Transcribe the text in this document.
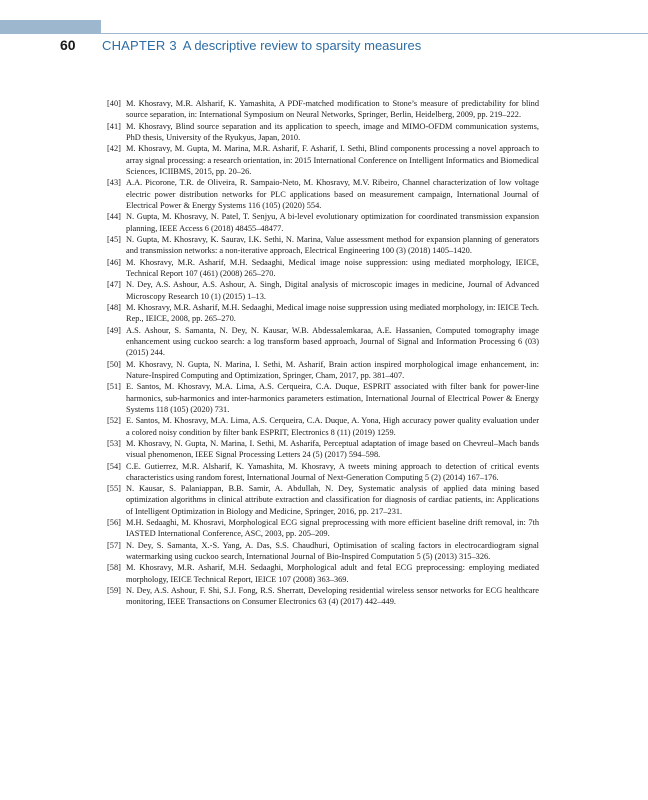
60	CHAPTER 3 A descriptive review to sparsity measures
[40] M. Khosravy, M.R. Alsharif, K. Yamashita, A PDF-matched modification to Stone’s measure of predictability for blind source separation, in: International Symposium on Neural Networks, Springer, Berlin, Heidelberg, 2009, pp. 219–222.
[41] M. Khosravy, Blind source separation and its application to speech, image and MIMO-OFDM communication systems, PhD thesis, University of the Ryukyus, Japan, 2010.
[42] M. Khosravy, M. Gupta, M. Marina, M.R. Asharif, F. Asharif, I. Sethi, Blind components processing a novel approach to array signal processing: a research orientation, in: 2015 International Conference on Intelligent Informatics and Biomedical Sciences, ICIIBMS, 2015, pp. 20–26.
[43] A.A. Picorone, T.R. de Oliveira, R. Sampaio-Neto, M. Khosravy, M.V. Ribeiro, Channel characterization of low voltage electric power distribution networks for PLC applications based on measurement campaign, International Journal of Electrical Power & Energy Systems 116 (105) (2020) 554.
[44] N. Gupta, M. Khosravy, N. Patel, T. Senjyu, A bi-level evolutionary optimization for coordinated transmission expansion planning, IEEE Access 6 (2018) 48455–48477.
[45] N. Gupta, M. Khosravy, K. Saurav, I.K. Sethi, N. Marina, Value assessment method for expansion planning of generators and transmission networks: a non-iterative approach, Electrical Engineering 100 (3) (2018) 1405–1420.
[46] M. Khosravy, M.R. Asharif, M.H. Sedaaghi, Medical image noise suppression: using mediated morphology, IEICE, Technical Report 107 (461) (2008) 265–270.
[47] N. Dey, A.S. Ashour, A.S. Ashour, A. Singh, Digital analysis of microscopic images in medicine, Journal of Advanced Microscopy Research 10 (1) (2015) 1–13.
[48] M. Khosravy, M.R. Asharif, M.H. Sedaaghi, Medical image noise suppression using mediated morphology, in: IEICE Tech. Rep., IEICE, 2008, pp. 265–270.
[49] A.S. Ashour, S. Samanta, N. Dey, N. Kausar, W.B. Abdessalemkaraa, A.E. Hassanien, Computed tomography image enhancement using cuckoo search: a log transform based approach, Journal of Signal and Information Processing 6 (03) (2015) 244.
[50] M. Khosravy, N. Gupta, N. Marina, I. Sethi, M. Asharif, Brain action inspired morphological image enhancement, in: Nature-Inspired Computing and Optimization, Springer, Cham, 2017, pp. 381–407.
[51] E. Santos, M. Khosravy, M.A. Lima, A.S. Cerqueira, C.A. Duque, ESPRIT associated with filter bank for power-line harmonics, sub-harmonics and inter-harmonics parameters estimation, International Journal of Electrical Power & Energy Systems 118 (105) (2020) 731.
[52] E. Santos, M. Khosravy, M.A. Lima, A.S. Cerqueira, C.A. Duque, A. Yona, High accuracy power quality evaluation under a colored noisy condition by filter bank ESPRIT, Electronics 8 (11) (2019) 1259.
[53] M. Khosravy, N. Gupta, N. Marina, I. Sethi, M. Asharifa, Perceptual adaptation of image based on Chevreul–Mach bands visual phenomenon, IEEE Signal Processing Letters 24 (5) (2017) 594–598.
[54] C.E. Gutierrez, M.R. Alsharif, K. Yamashita, M. Khosravy, A tweets mining approach to detection of critical events characteristics using random forest, International Journal of Next-Generation Computing 5 (2) (2014) 167–176.
[55] N. Kausar, S. Palaniappan, B.B. Samir, A. Abdullah, N. Dey, Systematic analysis of applied data mining based optimization algorithms in clinical attribute extraction and classification for diagnosis of cardiac patients, in: Applications of Intelligent Optimization in Biology and Medicine, Springer, 2016, pp. 217–231.
[56] M.H. Sedaaghi, M. Khosravi, Morphological ECG signal preprocessing with more efficient baseline drift removal, in: 7th IASTED International Conference, ASC, 2003, pp. 205–209.
[57] N. Dey, S. Samanta, X.-S. Yang, A. Das, S.S. Chaudhuri, Optimisation of scaling factors in electrocardiogram signal watermarking using cuckoo search, International Journal of Bio-Inspired Computation 5 (5) (2013) 315–326.
[58] M. Khosravy, M.R. Asharif, M.H. Sedaaghi, Morphological adult and fetal ECG preprocessing: employing mediated morphology, IEICE Technical Report, IEICE 107 (2008) 363–369.
[59] N. Dey, A.S. Ashour, F. Shi, S.J. Fong, R.S. Sherratt, Developing residential wireless sensor networks for ECG healthcare monitoring, IEEE Transactions on Consumer Electronics 63 (4) (2017) 442–449.
